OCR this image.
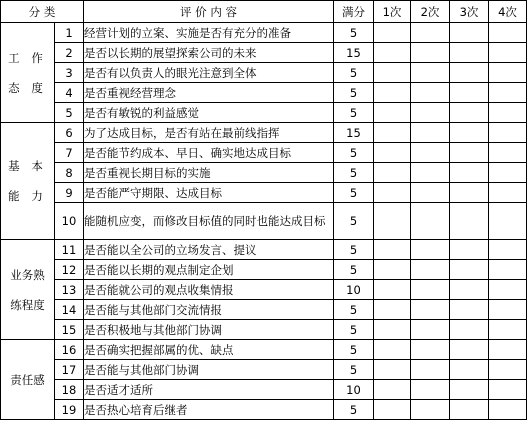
分 类		评 价 内 容	满分	1次	2次	3次	4次

工 作
态 度	1	经营计划的立案、实施是否有充分的准备	5				
	2	是否以长期的展望探索公司的未来	15				
	3	是否有以负责人的眼光注意到全体	5				
	4	是否重视经营理念	5				
	5	是否有敏锐的利益感觉	5				

基 本
能 力	6	为了达成目标，是否有站在最前线指挥	15				
	7	是否能节约成本、早日、确实地达成目标	5				
	8	是否重视长期目标的实施	5				
	9	是否能严守期限、达成目标	5				
	10	能随机应变，而修改目标值的同时也能达成目标	5				

业务熟
练程度	11	是否能以全公司的立场发言、提议	5				
	12	是否能以长期的观点制定企划	5				
	13	是否能就公司的观点收集情报	10				
	14	是否能与其他部门交流情报	5				
	15	是否积极地与其他部门协调	5				

责任感	16	是否确实把握部属的优、缺点	5				
	17	是否能与其他部门协调	5				
	18	是否适才适所	10				
	19	是否热心培育后继者	5				
